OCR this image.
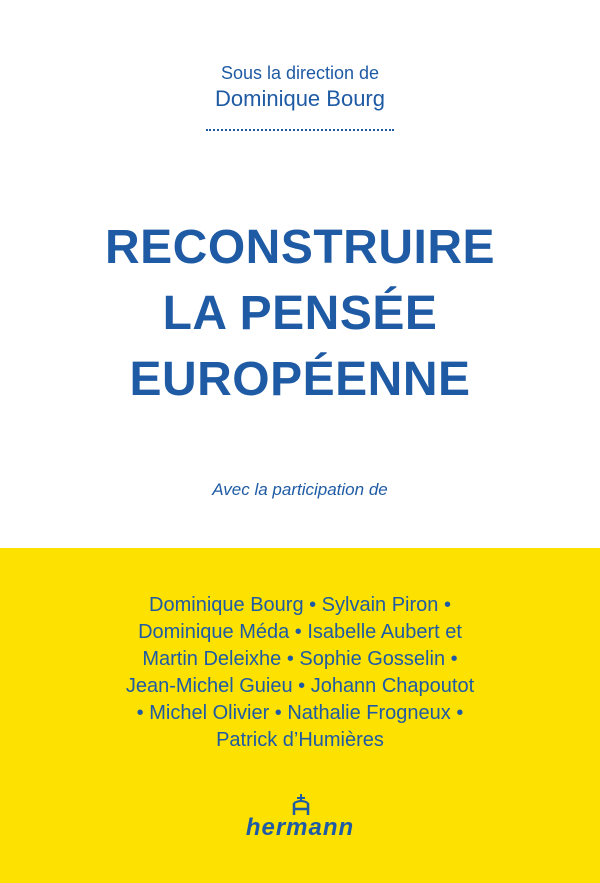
Sous la direction de
Dominique Bourg
RECONSTRUIRE
LA PENSÉE
EUROPÉENNE
Avec la participation de
Dominique Bourg • Sylvain Piron •
Dominique Méda • Isabelle Aubert et
Martin Deleixhe • Sophie Gosselin •
Jean-Michel Guieu • Johann Chapoutot
• Michel Olivier • Nathalie Frogneux •
Patrick d’Humières
hermann
